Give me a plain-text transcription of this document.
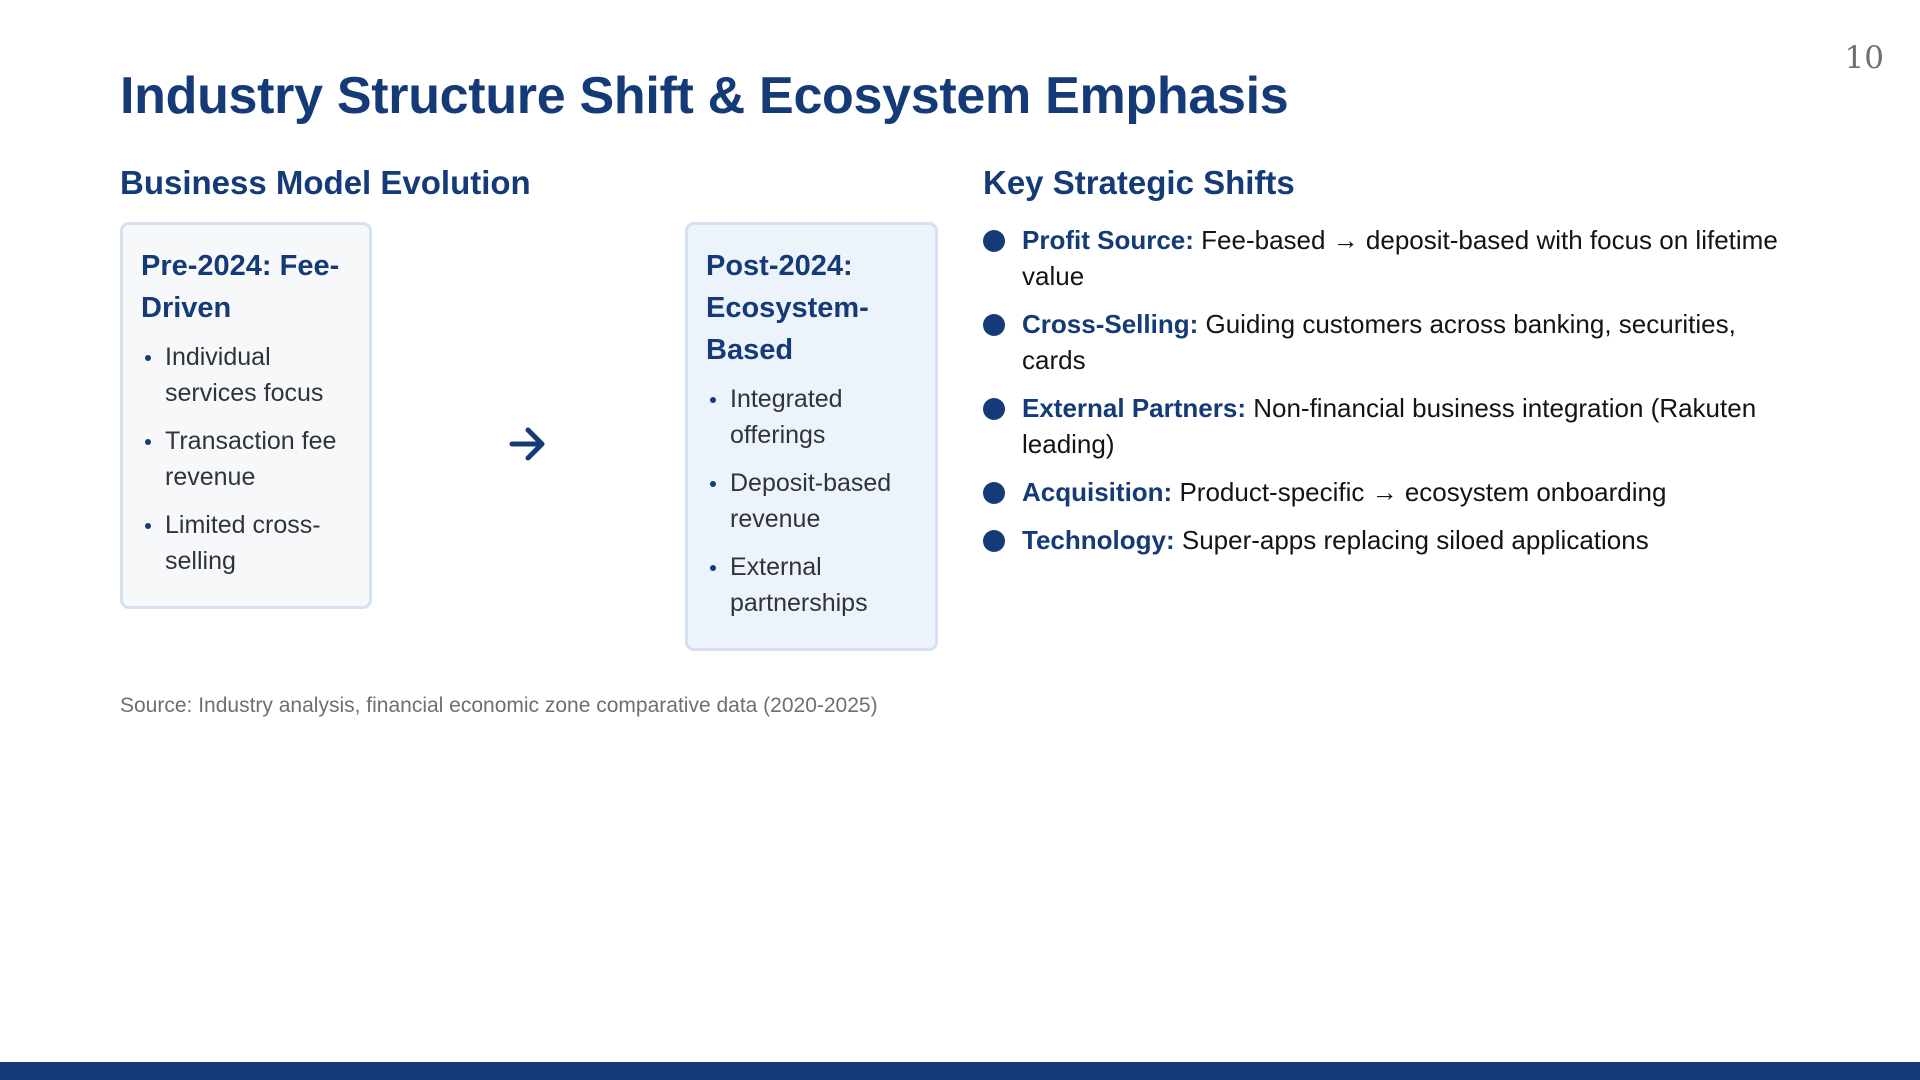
10
Industry Structure Shift & Ecosystem Emphasis
Business Model Evolution
Pre-2024: Fee-Driven
Individual services focus
Transaction fee revenue
Limited cross-selling
Post-2024: Ecosystem-Based
Integrated offerings
Deposit-based revenue
External partnerships
Key Strategic Shifts
Profit Source: Fee-based → deposit-based with focus on lifetime value
Cross-Selling: Guiding customers across banking, securities, cards
External Partners: Non-financial business integration (Rakuten leading)
Acquisition: Product-specific → ecosystem onboarding
Technology: Super-apps replacing siloed applications

Source: Industry analysis, financial economic zone comparative data (2020-2025)
